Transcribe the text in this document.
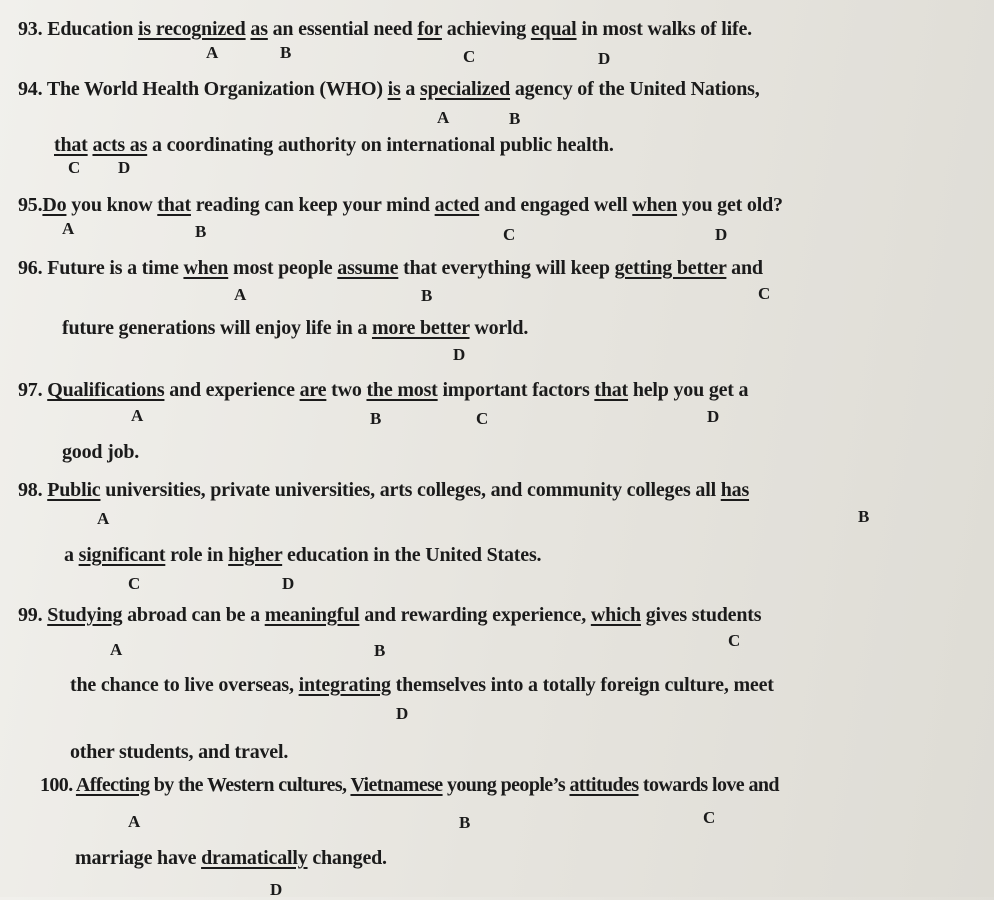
93. Education is recognized as an essential need for achieving equal in most walks of life.
A	B	C	D
94. The World Health Organization (WHO) is a specialized agency of the United Nations,
A	B
that acts as a coordinating authority on international public health.
C D
95.Do you know that reading can keep your mind acted and engaged well when you get old?
A	B	C	D
96. Future is a time when most people assume that everything will keep getting better and
A	B	C
future generations will enjoy life in a more better world.
D
97. Qualifications and experience are two the most important factors that help you get a
A	B	C	D
good job.
98. Public universities, private universities, arts colleges, and community colleges all has
A	B
a significant role in higher education in the United States.
C	D
99. Studying abroad can be a meaningful and rewarding experience, which gives students
A	B
C
the chance to live overseas, integrating themselves into a totally foreign culture, meet
D
other students, and travel.
100. Affecting by the Western cultures, Vietnamese young people’s attitudes towards love and
A	B	C
marriage have dramatically changed.
D
